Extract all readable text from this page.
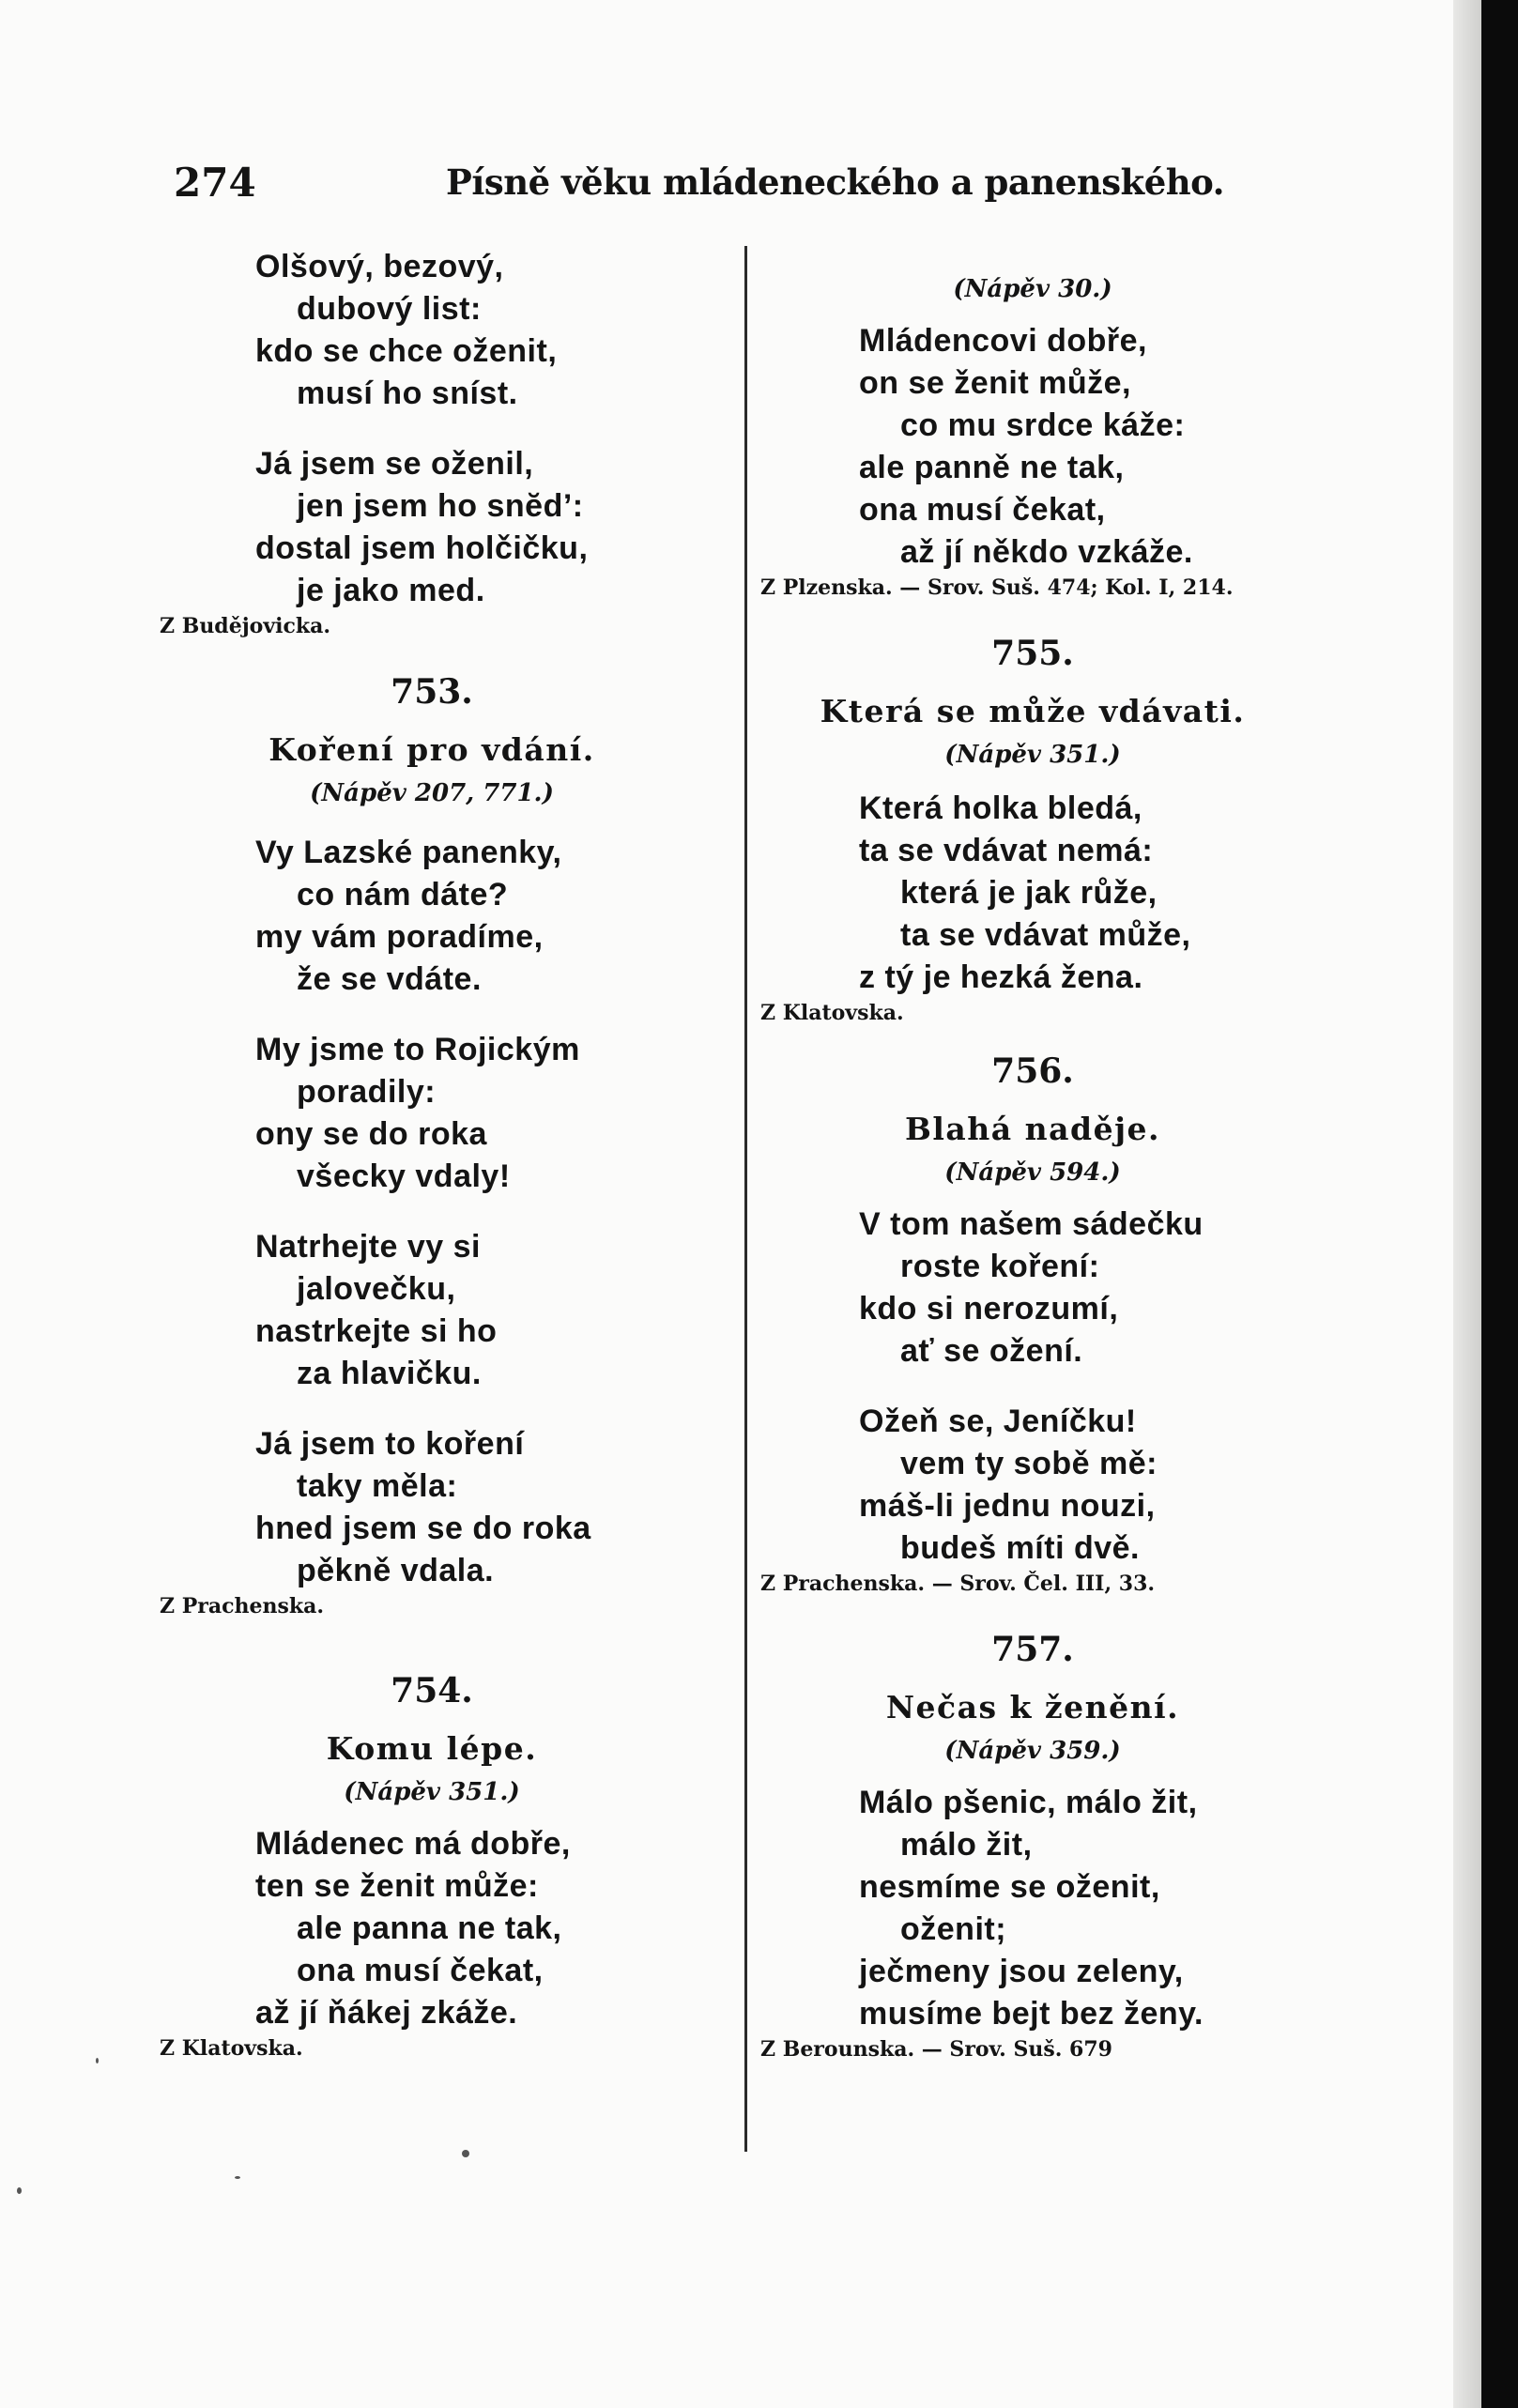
274	Písně věku mládeneckého a panenského.
Olšový, bezový,
dubový list:
kdo se chce oženit,
musí ho sníst.
Já jsem se oženil,
jen jsem ho snĕd’:
dostal jsem holčičku,
je jako med.
Z Budějovicka.
753.
Koření pro vdání.
(Nápěv 207, 771.)
Vy Lazské panenky,
co nám dáte?
my vám poradíme,
že se vdáte.
My jsme to Rojickým
poradily:
ony se do roka
všecky vdaly!
Natrhejte vy si
jalovečku,
nastrkejte si ho
za hlavičku.
Já jsem to koření
taky měla:
hned jsem se do roka
pěkně vdala.
Z Prachenska.
754.
Komu lépe.
(Nápěv 351.)
Mládenec má dobře,
ten se ženit může:
ale panna ne tak,
ona musí čekat,
až jí ňákej zkáže.
Z Klatovska.
(Nápěv 30.)
Mládencovi dobře,
on se ženit může,
co mu srdce káže:
ale panně ne tak,
ona musí čekat,
až jí někdo vzkáže.
Z Plzenska. — Srov. Suš. 474; Kol. I, 214.
755.
Která se může vdávati.
(Nápěv 351.)
Která holka bledá,
ta se vdávat nemá:
která je jak růže,
ta se vdávat může,
z tý je hezká žena.
Z Klatovska.
756.
Blahá naděje.
(Nápěv 594.)
V tom našem sádečku
roste koření:
kdo si nerozumí,
ať se ožení.
Ožeň se, Jeníčku!
vem ty sobě mě:
máš-li jednu nouzi,
budeš míti dvě.
Z Prachenska. — Srov. Čel. III, 33.
757.
Nečas k ženění.
(Nápěv 359.)
Málo pšenic, málo žit,
málo žit,
nesmíme se oženit,
oženit;
ječmeny jsou zeleny,
musíme bejt bez ženy.
Z Berounska. — Srov. Suš. 679
